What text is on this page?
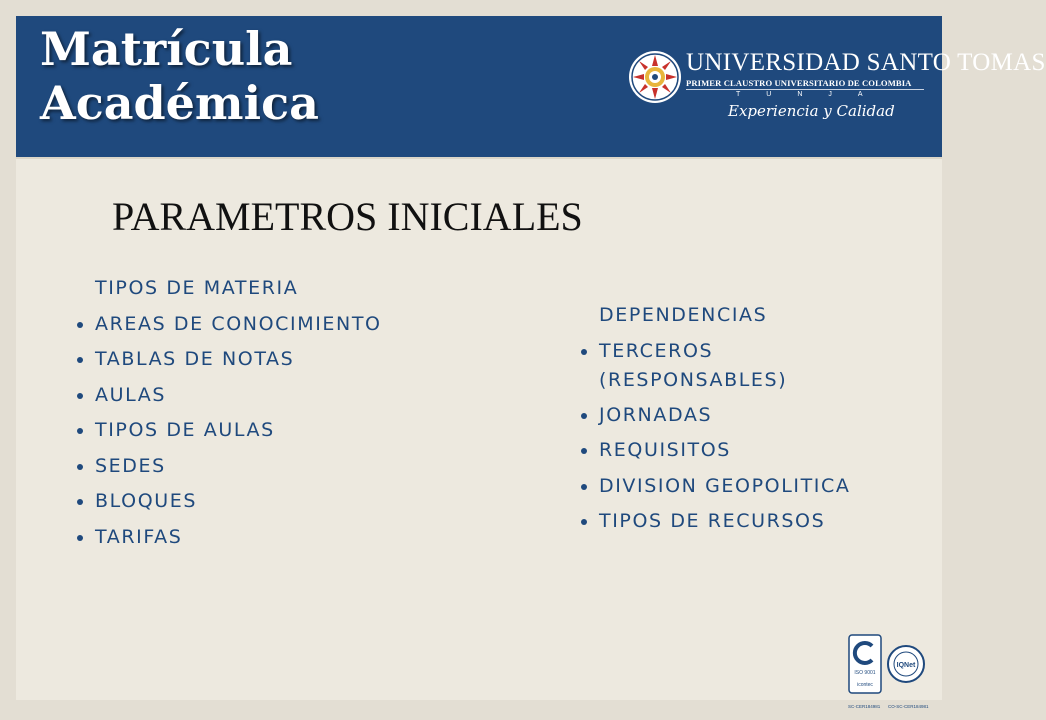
Matrícula
Académica

UNIVERSIDAD SANTO TOMAS

PRIMER CLAUSTRO UNIVERSITARIO DE COLOMBIA
TUNJA
Experiencia y Calidad
PARAMETROS INICIALES
TIPOS DE MATERIA
AREAS DE CONOCIMIENTO
TABLAS DE NOTAS
AULAS
TIPOS DE AULAS
SEDES
BLOQUES
TARIFAS
DEPENDENCIAS
TERCEROS (RESPONSABLES)
JORNADAS
REQUISITOS
DIVISION GEOPOLITICA
TIPOS DE RECURSOS
ISO 9001
icontec
IQNet
SC-CER184981 CO-SC-CER184981
